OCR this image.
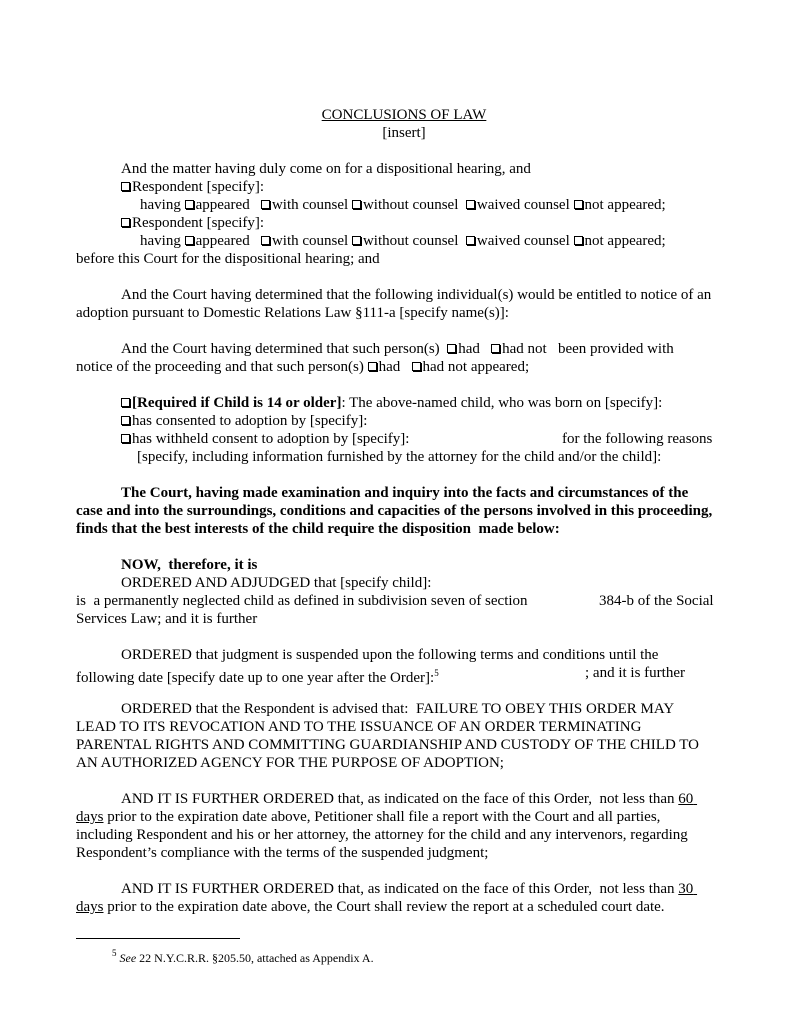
CONCLUSIONS OF LAW
[insert]
And the matter having duly come on for a dispositional hearing, and
Respondent [specify]:
having appeared with counsel without counsel waived counsel not appeared;
Respondent [specify]:
having appeared with counsel without counsel waived counsel not appeared;
before this Court for the dispositional hearing; and
And the Court having determined that the following individual(s) would be entitled to notice of an
adoption pursuant to Domestic Relations Law §111-a [specify name(s)]:
And the Court having determined that such person(s) had had not been provided with
notice of the proceeding and that such person(s) had had not appeared;
[Required if Child is 14 or older]: The above-named child, who was born on [specify]:
has consented to adoption by [specify]:
has withheld consent to adoption by [specify]:	for the following reasons
[specify, including information furnished by the attorney for the child and/or the child]:
The Court, having made examination and inquiry into the facts and circumstances of the
case and into the surroundings, conditions and capacities of the persons involved in this proceeding,
finds that the best interests of the child require the disposition  made below:
NOW,  therefore, it is
ORDERED AND ADJUDGED that [specify child]:
is  a permanently neglected child as defined in subdivision seven of section	384-b of the Social
Services Law; and it is further
ORDERED that judgment is suspended upon the following terms and conditions until the
following date [specify date up to one year after the Order]:$^5$	; and it is further
ORDERED that the Respondent is advised that:  FAILURE TO OBEY THIS ORDER MAY
LEAD TO ITS REVOCATION AND TO THE ISSUANCE OF AN ORDER TERMINATING
PARENTAL RIGHTS AND COMMITTING GUARDIANSHIP AND CUSTODY OF THE CHILD TO
AN AUTHORIZED AGENCY FOR THE PURPOSE OF ADOPTION;
AND IT IS FURTHER ORDERED that, as indicated on the face of this Order,  not less than 60
days prior to the expiration date above, Petitioner shall file a report with the Court and all parties,
including Respondent and his or her attorney, the attorney for the child and any intervenors, regarding
Respondent’s compliance with the terms of the suspended judgment;
AND IT IS FURTHER ORDERED that, as indicated on the face of this Order,  not less than 30
days prior to the expiration date above, the Court shall review the report at a scheduled court date.
$^5$ See 22 N.Y.C.R.R. §205.50, attached as Appendix A.
